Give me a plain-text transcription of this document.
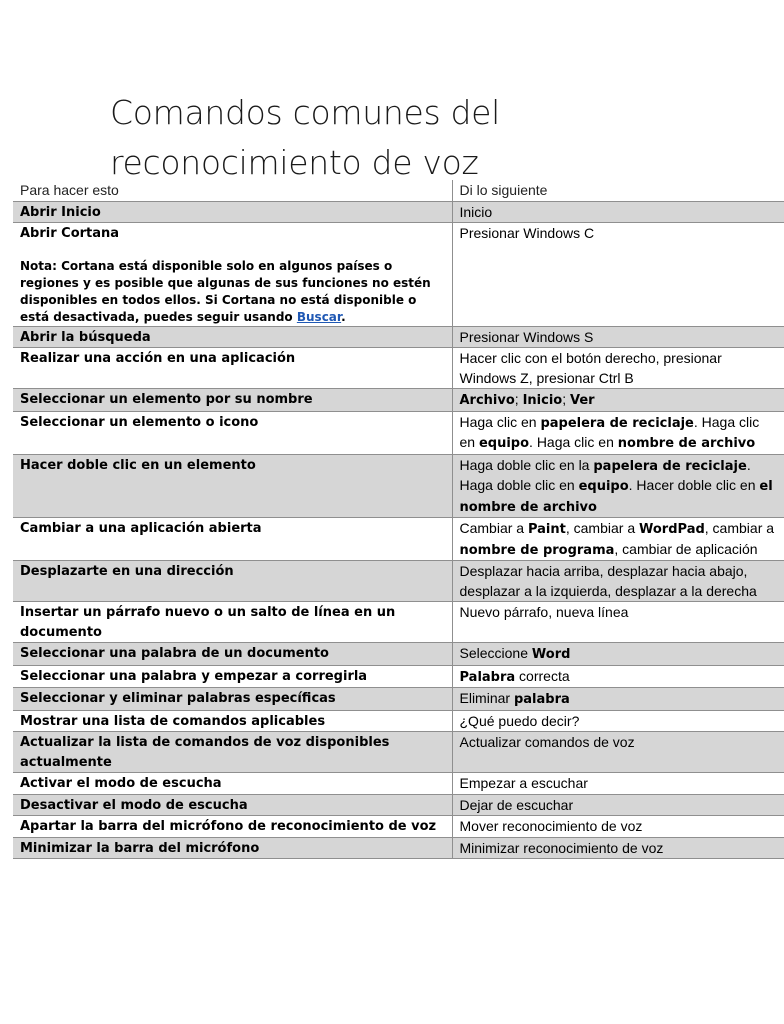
Comandos comunes del
reconocimiento de voz
Para hacer esto	Di lo siguiente
Abrir Inicio	Inicio
Abrir Cortana
Nota: Cortana está disponible solo en algunos países o regiones y es posible que algunas de sus funciones no estén disponibles en todos ellos. Si Cortana no está disponible o está desactivada, puedes seguir usando Buscar.	Presionar Windows C
Abrir la búsqueda	Presionar Windows S
Realizar una acción en una aplicación	Hacer clic con el botón derecho, presionar Windows Z, presionar Ctrl B
Seleccionar un elemento por su nombre	Archivo; Inicio; Ver
Seleccionar un elemento o icono	Haga clic en papelera de reciclaje. Haga clic en equipo. Haga clic en nombre de archivo
Hacer doble clic en un elemento	Haga doble clic en la papelera de reciclaje. Haga doble clic en equipo. Hacer doble clic en el nombre de archivo
Cambiar a una aplicación abierta	Cambiar a Paint, cambiar a WordPad, cambiar a nombre de programa, cambiar de aplicación
Desplazarte en una dirección	Desplazar hacia arriba, desplazar hacia abajo, desplazar a la izquierda, desplazar a la derecha
Insertar un párrafo nuevo o un salto de línea en un documento	Nuevo párrafo, nueva línea
Seleccionar una palabra de un documento	Seleccione Word
Seleccionar una palabra y empezar a corregirla	Palabra correcta
Seleccionar y eliminar palabras específicas	Eliminar palabra
Mostrar una lista de comandos aplicables	¿Qué puedo decir?
Actualizar la lista de comandos de voz disponibles actualmente	Actualizar comandos de voz
Activar el modo de escucha	Empezar a escuchar
Desactivar el modo de escucha	Dejar de escuchar
Apartar la barra del micrófono de reconocimiento de voz	Mover reconocimiento de voz
Minimizar la barra del micrófono	Minimizar reconocimiento de voz
